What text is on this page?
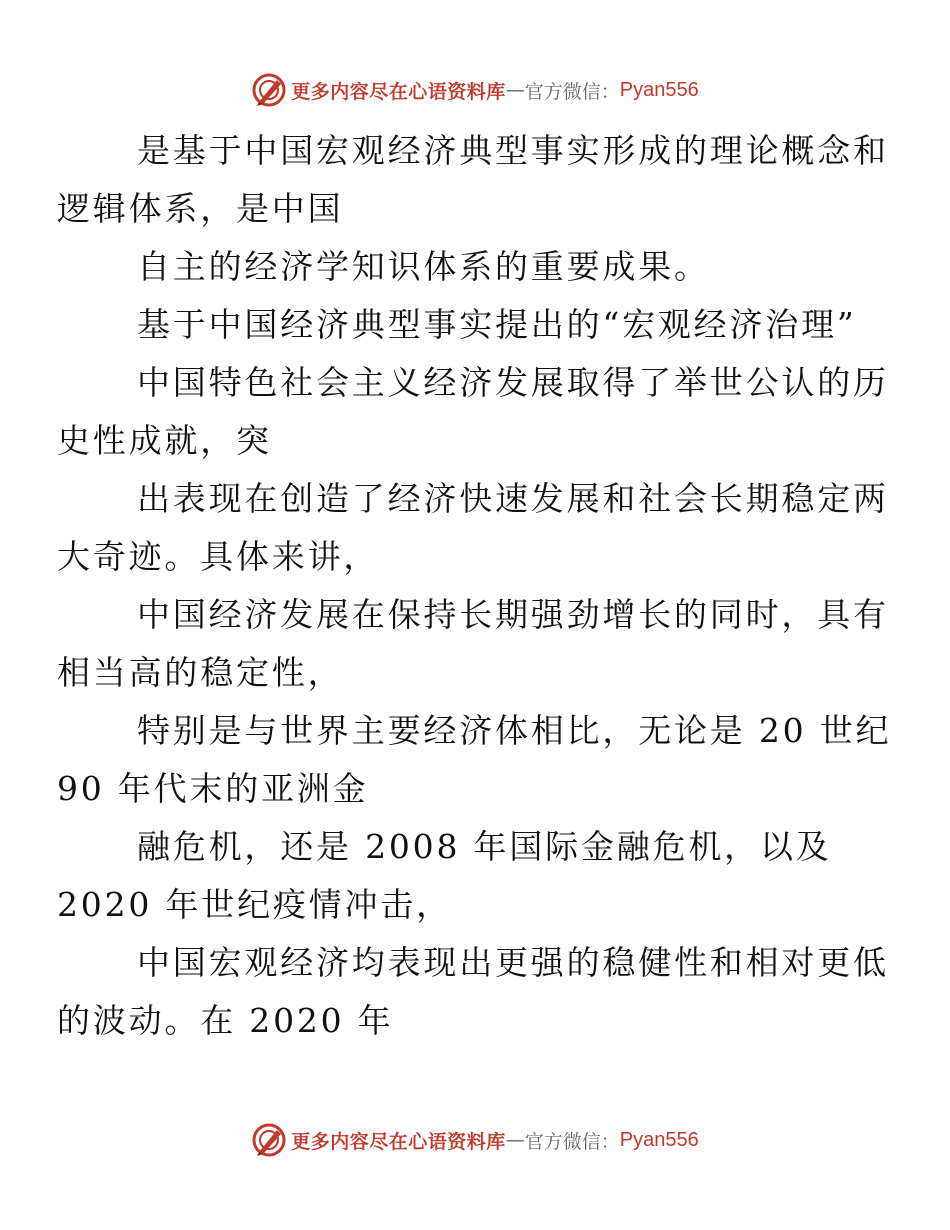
更多内容尽在心语资料库 — 官方微信： Pyan556

是基于中国宏观经济典型事实形成的理论概念和
逻辑体系，是中国

自主的经济学知识体系的重要成果。

基于中国经济典型事实提出的“宏观经济治理”

中国特色社会主义经济发展取得了举世公认的历
史性成就，突

出表现在创造了经济快速发展和社会长期稳定两
大奇迹。具体来讲，

中国经济发展在保持长期强劲增长的同时，具有
相当高的稳定性，

特别是与世界主要经济体相比，无论是 20 世纪
90 年代末的亚洲金

融危机，还是 2008 年国际金融危机，以及
2020 年世纪疫情冲击，

中国宏观经济均表现出更强的稳健性和相对更低
的波动。在 2020 年

更多内容尽在心语资料库 — 官方微信： Pyan556
